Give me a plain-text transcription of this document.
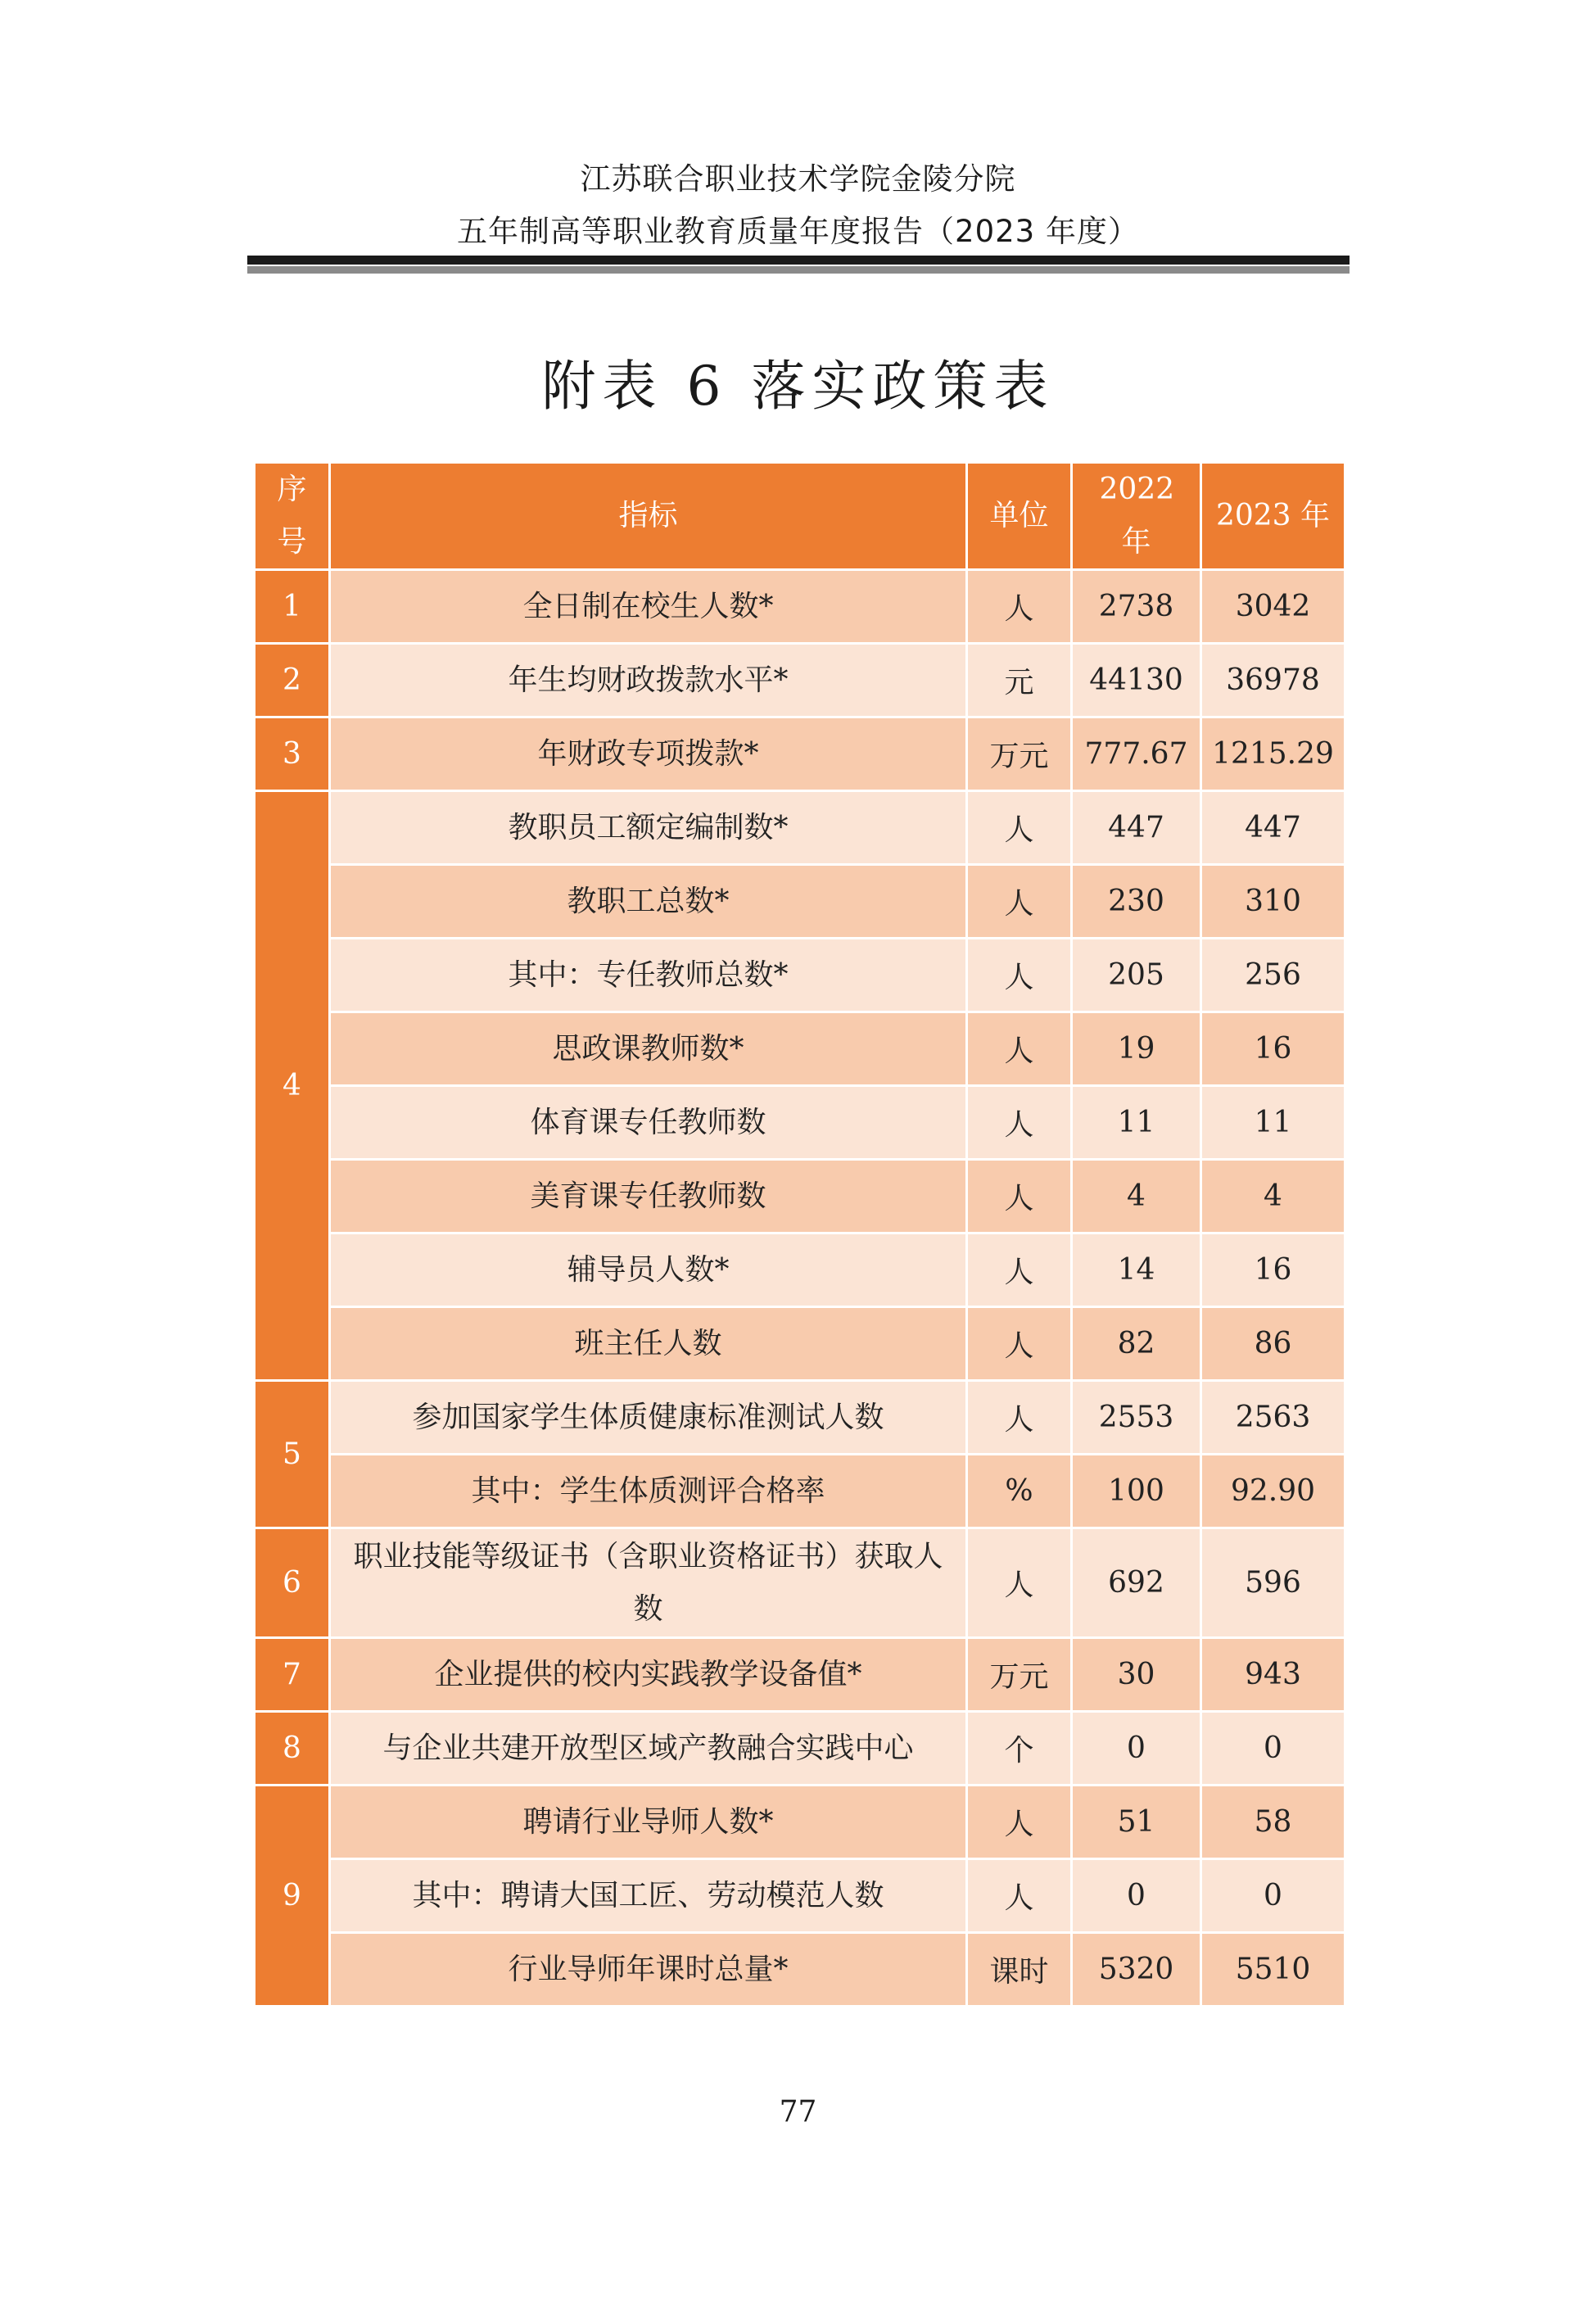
江苏联合职业技术学院金陵分院
五年制高等职业教育质量年度报告（2023 年度）
附表 6 落实政策表
序号	指标	单位	2022 年	2023 年
1	全日制在校生人数*	人	2738	3042
2	年生均财政拨款水平*	元	44130	36978
3	年财政专项拨款*	万元	777.67	1215.29
4	教职员工额定编制数*	人	447	447
	教职工总数*	人	230	310
	其中：专任教师总数*	人	205	256
	思政课教师数*	人	19	16
	体育课专任教师数	人	11	11
	美育课专任教师数	人	4	4
	辅导员人数*	人	14	16
	班主任人数	人	82	86
5	参加国家学生体质健康标准测试人数	人	2553	2563
	其中：学生体质测评合格率	%	100	92.90
6	职业技能等级证书（含职业资格证书）获取人数	人	692	596
7	企业提供的校内实践教学设备值*	万元	30	943
8	与企业共建开放型区域产教融合实践中心	个	0	0
9	聘请行业导师人数*	人	51	58
	其中：聘请大国工匠、劳动模范人数	人	0	0
	行业导师年课时总量*	课时	5320	5510
77
